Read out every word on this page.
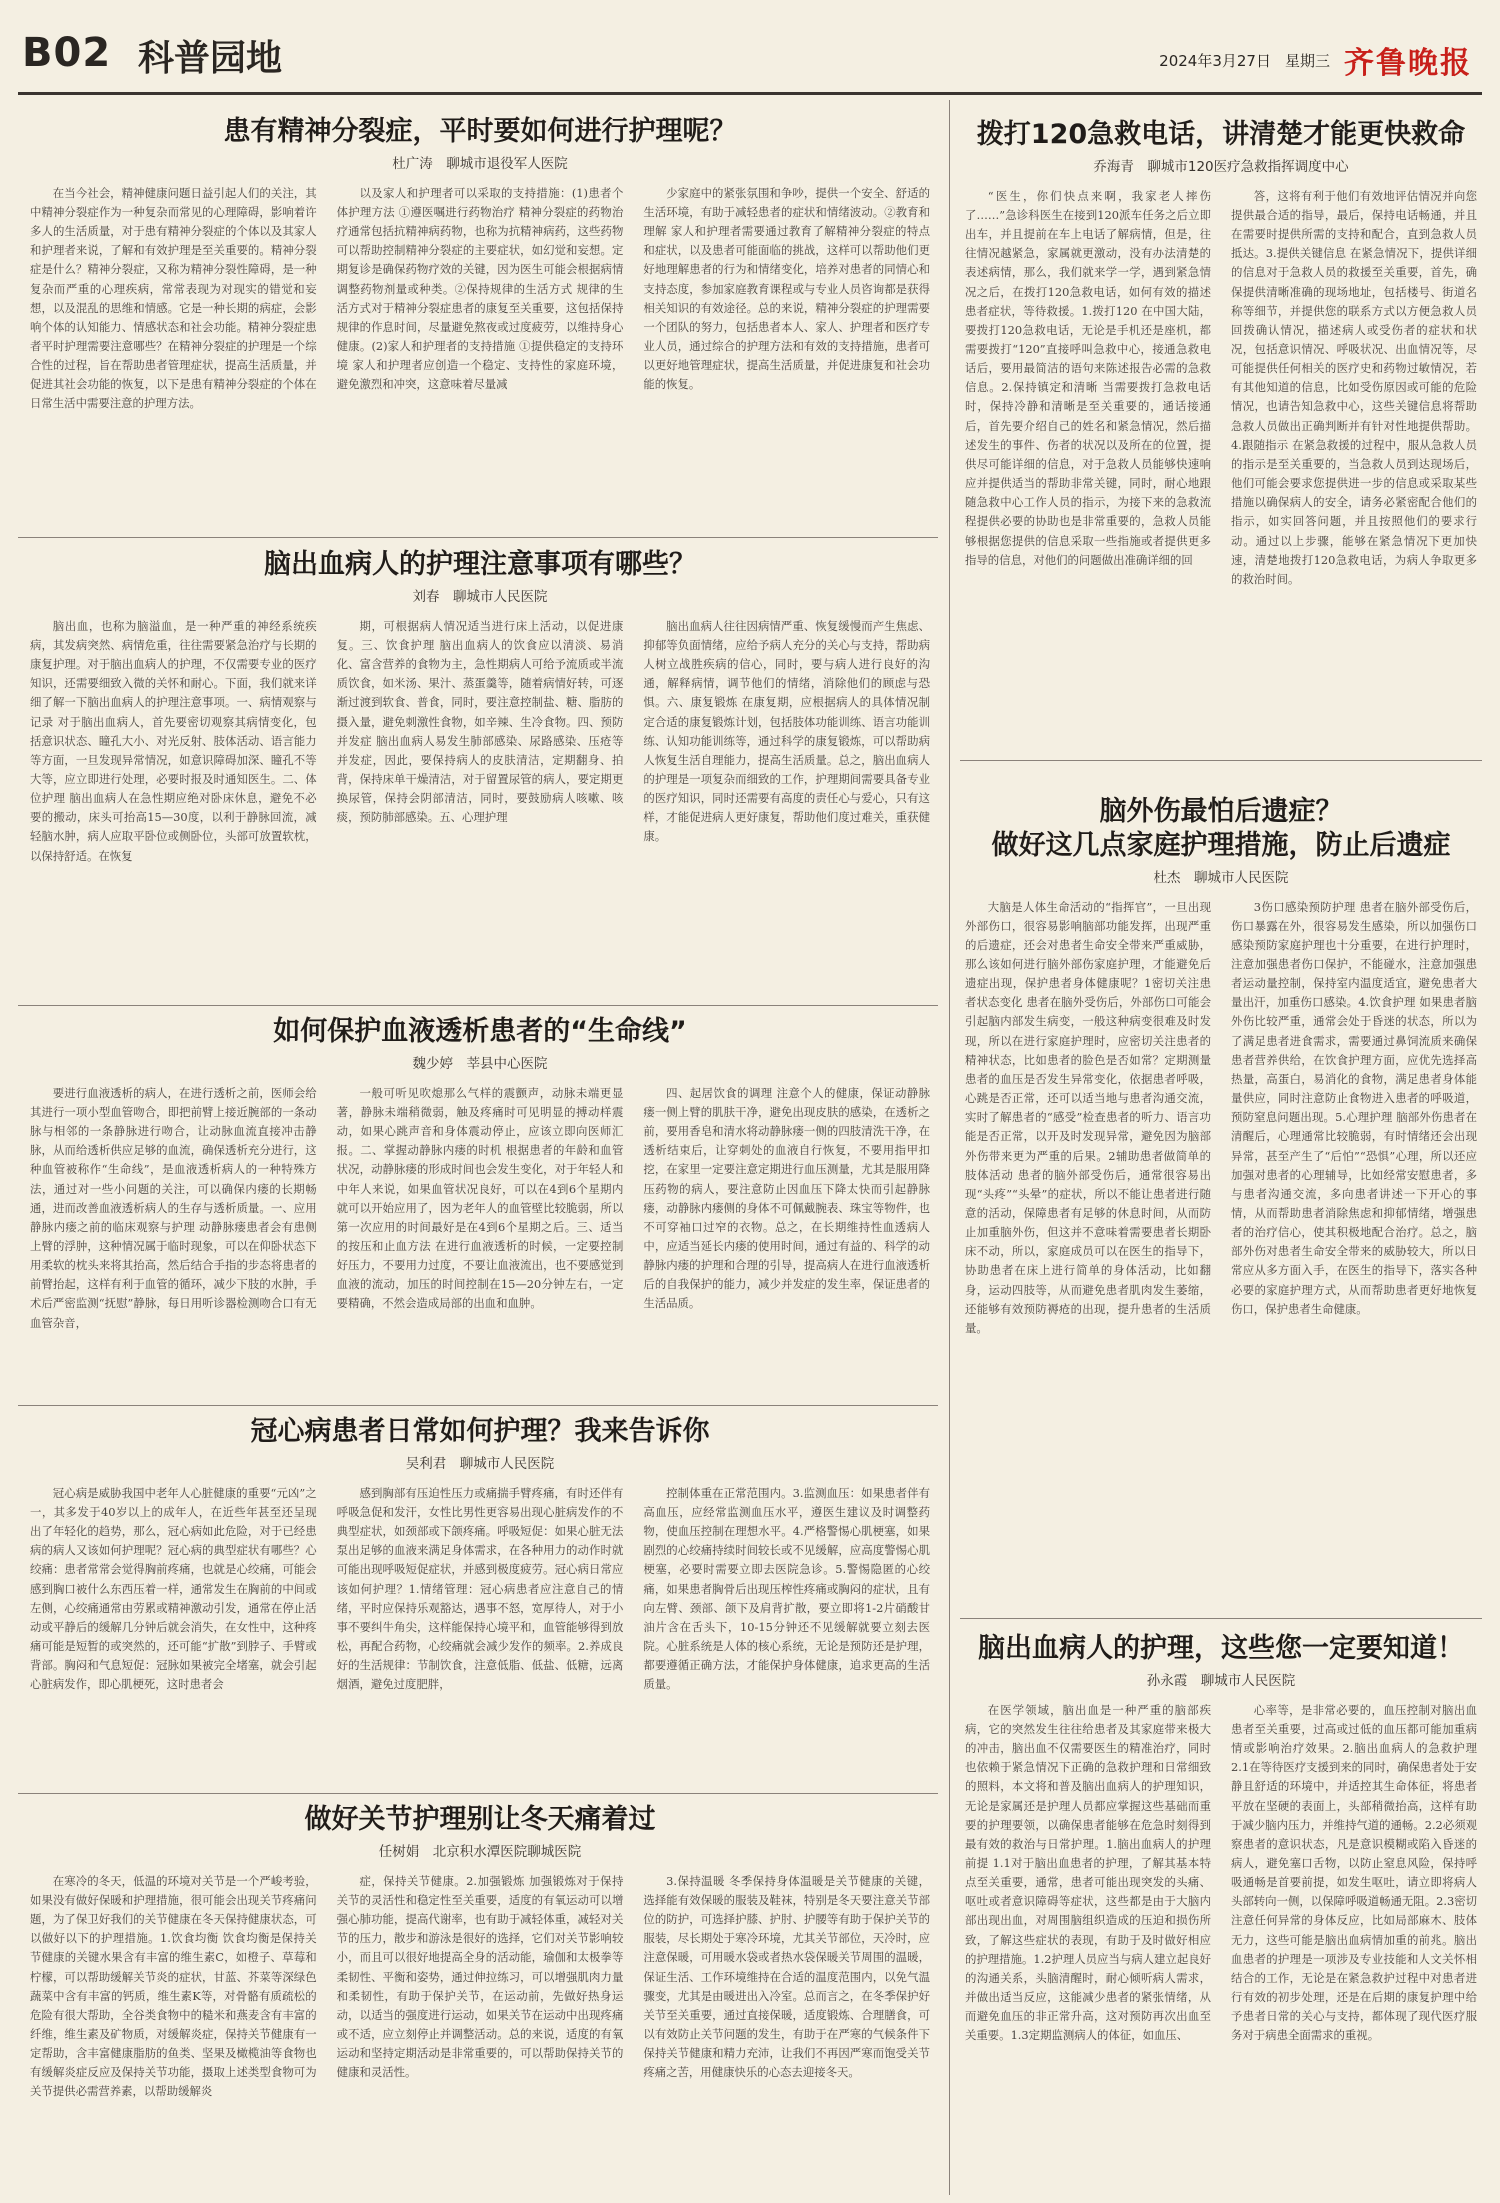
B02 科普园地	2024年3月27日 星期三 齐鲁晚报
患有精神分裂症，平时要如何进行护理呢？
杜广涛　聊城市退役军人医院

在当今社会，精神健康问题日益引起人们的关注，其中精神分裂症作为一种复杂而常见的心理障碍，影响着许多人的生活质量，对于患有精神分裂症的个体以及其家人和护理者来说，了解和有效护理是至关重要的。精神分裂症是什么？精神分裂症，又称为精神分裂性障碍，是一种复杂而严重的心理疾病，常常表现为对现实的错觉和妄想，以及混乱的思维和情感。它是一种长期的病症，会影响个体的认知能力、情感状态和社会功能。精神分裂症患者平时护理需要注意哪些？在精神分裂症的护理是一个综合性的过程，旨在帮助患者管理症状，提高生活质量，并促进其社会功能的恢复，以下是患有精神分裂症的个体在日常生活中需要注意的护理方法。

以及家人和护理者可以采取的支持措施：(1)患者个体护理方法 ①遵医嘱进行药物治疗 精神分裂症的药物治疗通常包括抗精神病药物，也称为抗精神病药，这些药物可以帮助控制精神分裂症的主要症状，如幻觉和妄想。定期复诊是确保药物疗效的关键，因为医生可能会根据病情调整药物剂量或种类。②保持规律的生活方式 规律的生活方式对于精神分裂症患者的康复至关重要，这包括保持规律的作息时间，尽量避免熬夜或过度疲劳，以维持身心健康。(2)家人和护理者的支持措施 ①提供稳定的支持环境 家人和护理者应创造一个稳定、支持性的家庭环境，避免激烈和冲突，这意味着尽量减

少家庭中的紧张氛围和争吵，提供一个安全、舒适的生活环境，有助于减轻患者的症状和情绪波动。②教育和理解 家人和护理者需要通过教育了解精神分裂症的特点和症状，以及患者可能面临的挑战，这样可以帮助他们更好地理解患者的行为和情绪变化，培养对患者的同情心和支持态度，参加家庭教育课程或与专业人员咨询都是获得相关知识的有效途径。总的来说，精神分裂症的护理需要一个团队的努力，包括患者本人、家人、护理者和医疗专业人员，通过综合的护理方法和有效的支持措施，患者可以更好地管理症状，提高生活质量，并促进康复和社会功能的恢复。

脑出血病人的护理注意事项有哪些？
刘春　聊城市人民医院

脑出血，也称为脑溢血，是一种严重的神经系统疾病，其发病突然、病情危重，往往需要紧急治疗与长期的康复护理。对于脑出血病人的护理，不仅需要专业的医疗知识，还需要细致入微的关怀和耐心。下面，我们就来详细了解一下脑出血病人的护理注意事项。一、病情观察与记录 对于脑出血病人，首先要密切观察其病情变化，包括意识状态、瞳孔大小、对光反射、肢体活动、语言能力等方面，一旦发现异常情况，如意识障碍加深、瞳孔不等大等，应立即进行处理，必要时报及时通知医生。二、体位护理 脑出血病人在急性期应绝对卧床休息，避免不必要的搬动，床头可抬高15—30度，以利于静脉回流，减轻脑水肿，病人应取平卧位或侧卧位，头部可放置软枕，以保持舒适。在恢复

期，可根据病人情况适当进行床上活动，以促进康复。三、饮食护理 脑出血病人的饮食应以清淡、易消化、富含营养的食物为主，急性期病人可给予流质或半流质饮食，如米汤、果汁、蒸蛋羹等，随着病情好转，可逐渐过渡到软食、普食，同时，要注意控制盐、糖、脂肪的摄入量，避免刺激性食物，如辛辣、生冷食物。四、预防并发症 脑出血病人易发生肺部感染、尿路感染、压疮等并发症，因此，要保持病人的皮肤清洁，定期翻身、拍背，保持床单干燥清洁，对于留置尿管的病人，要定期更换尿管，保持会阴部清洁，同时，要鼓励病人咳嗽、咳痰，预防肺部感染。五、心理护理

脑出血病人往往因病情严重、恢复缓慢而产生焦虑、抑郁等负面情绪，应给予病人充分的关心与支持，帮助病人树立战胜疾病的信心，同时，要与病人进行良好的沟通，解释病情，调节他们的情绪，消除他们的顾虑与恐惧。六、康复锻炼 在康复期，应根据病人的具体情况制定合适的康复锻炼计划，包括肢体功能训练、语言功能训练、认知功能训练等，通过科学的康复锻炼，可以帮助病人恢复生活自理能力，提高生活质量。总之，脑出血病人的护理是一项复杂而细致的工作，护理期间需要具备专业的医疗知识，同时还需要有高度的责任心与爱心，只有这样，才能促进病人更好康复，帮助他们度过难关，重获健康。

如何保护血液透析患者的“生命线”
魏少婷　莘县中心医院

要进行血液透析的病人，在进行透析之前，医师会给其进行一项小型血管吻合，即把前臂上接近腕部的一条动脉与相邻的一条静脉进行吻合，让动脉血流直接冲击静脉，从而给透析供应足够的血流，确保透析充分进行，这种血管被称作“生命线”，是血液透析病人的一种特殊方法，通过对一些小问题的关注，可以确保内瘘的长期畅通，进而改善血液透析病人的生存与透析质量。一、应用静脉内瘘之前的临床观察与护理 动静脉瘘患者会有患侧上臂的浮肿，这种情况属于临时现象，可以在仰卧状态下用柔软的枕头来将其抬高，然后结合手指的步态将患者的前臂抬起，这样有利于血管的循环，减少下肢的水肿，手术后严密监测“抚慰”静脉，每日用听诊器检测吻合口有无血管杂音，

一般可听见吹熄那么气样的震颤声，动脉未端更显著，静脉未端稍微弱，触及疼痛时可见明显的搏动样震动，如果心跳声音和身体震动停止，应该立即向医师汇报。二、掌握动静脉内瘘的时机 根据患者的年龄和血管状况，动静脉瘘的形成时间也会发生变化，对于年轻人和中年人来说，如果血管状况良好，可以在4到6个星期内就可以开始应用了，因为老年人的血管壁比较脆弱，所以第一次应用的时间最好是在4到6个星期之后。三、适当的按压和止血方法 在进行血液透析的时候，一定要控制好压力，不要用力过度，不要让血液流出，也不要感觉到血液的流动，加压的时间控制在15—20分钟左右，一定要精确，不然会造成局部的出血和血肿。

四、起居饮食的调理 注意个人的健康，保证动静脉瘘一侧上臂的肌肤干净，避免出现皮肤的感染，在透析之前，要用香皂和清水将动静脉瘘一侧的四肢清洗干净，在透析结束后，让穿刺处的血液自行恢复，不要用指甲扣挖，在家里一定要注意定期进行血压测量，尤其是服用降压药物的病人，要注意防止因血压下降太快而引起静脉瘘，动静脉内瘘侧的身体不可佩戴腕表、珠宝等物件，也不可穿袖口过窄的衣物。总之，在长期维持性血透病人中，应适当延长内瘘的使用时间，通过有益的、科学的动静脉内瘘的护理和合理的引导，提高病人在进行血液透析后的自我保护的能力，减少并发症的发生率，保证患者的生活品质。

冠心病患者日常如何护理？我来告诉你
吴利君　聊城市人民医院

冠心病是威胁我国中老年人心脏健康的重要“元凶”之一，其多发于40岁以上的成年人，在近些年甚至还呈现出了年轻化的趋势，那么，冠心病如此危险，对于已经患病的病人又该如何护理呢？冠心病的典型症状有哪些？心绞痛：患者常常会觉得胸前疼痛，也就是心绞痛，可能会感到胸口被什么东西压着一样，通常发生在胸前的中间或左侧，心绞痛通常由劳累或精神激动引发，通常在停止活动或平静后的缓解几分钟后就会消失，在女性中，这种疼痛可能是短暂的或突然的，还可能“扩散”到脖子、手臂或背部。胸闷和气息短促：冠脉如果被完全堵塞，就会引起心脏病发作，即心肌梗死，这时患者会

感到胸部有压迫性压力或痛揣手臂疼痛，有时还伴有呼吸急促和发汗，女性比男性更容易出现心脏病发作的不典型症状，如颈部或下颌疼痛。呼吸短促：如果心脏无法泵出足够的血液来满足身体需求，在各种用力的动作时就可能出现呼吸短促症状，并感到极度疲劳。冠心病日常应该如何护理？1.情绪管理：冠心病患者应注意自己的情绪，平时应保持乐观豁达，遇事不怒，宽厚待人，对于小事不要纠牛角尖，这样能保持心境平和，血管能够得到放松，再配合药物，心绞痛就会减少发作的频率。2.养成良好的生活规律：节制饮食，注意低脂、低盐、低糖，远离烟酒，避免过度肥胖，

控制体重在正常范围内。3.监测血压：如果患者伴有高血压，应经常监测血压水平，遵医生建议及时调整药物，使血压控制在理想水平。4.严格警惕心肌梗塞，如果剧烈的心绞痛持续时间较长或不见缓解，应高度警惕心肌梗塞，必要时需要立即去医院急诊。5.警惕隐匿的心绞痛，如果患者胸骨后出现压榨性疼痛或胸闷的症状，且有向左臂、颈部、颌下及肩背扩散，要立即将1-2片硝酸甘油片含在舌头下，10-15分钟还不见缓解就要立刻去医院。心脏系统是人体的核心系统，无论是预防还是护理，都要遵循正确方法，才能保护身体健康，追求更高的生活质量。

做好关节护理别让冬天痛着过
任树娟　北京积水潭医院聊城医院

在寒冷的冬天，低温的环境对关节是一个严峻考验，如果没有做好保暖和护理措施，很可能会出现关节疼痛问题，为了保卫好我们的关节健康在冬天保持健康状态，可以做好以下的护理措施。1.饮食均衡 饮食均衡是保持关节健康的关键水果含有丰富的维生素C，如橙子、草莓和柠檬，可以帮助缓解关节炎的症状，甘蓝、芥菜等深绿色蔬菜中含有丰富的钙质，维生素K等，对骨骼有质疏松的危险有很大帮助，全谷类食物中的糙米和燕麦含有丰富的纤维，维生素及矿物质，对缓解炎症，保持关节健康有一定帮助，含丰富健康脂肪的鱼类、坚果及橄榄油等食物也有缓解炎症反应及保持关节功能，摄取上述类型食物可为关节提供必需营养素，以帮助缓解炎

症，保持关节健康。2.加强锻炼 加强锻炼对于保持关节的灵活性和稳定性至关重要，适度的有氧运动可以增强心肺功能，提高代谢率，也有助于减轻体重，减轻对关节的压力，散步和游泳是很好的选择，它们对关节影响较小，而且可以很好地提高全身的活动能，瑜伽和太极拳等柔韧性、平衡和姿势，通过伸拉练习，可以增强肌肉力量和柔韧性，有助于保护关节，在运动前，先做好热身运动，以适当的强度进行运动，如果关节在运动中出现疼痛或不适，应立刻停止并调整活动。总的来说，适度的有氧运动和坚持定期活动是非常重要的，可以帮助保持关节的健康和灵活性。

3.保持温暖 冬季保持身体温暖是关节健康的关键，选择能有效保暖的服装及鞋袜，特别是冬天要注意关节部位的防护，可选择护膝、护肘、护腰等有助于保护关节的服装，尽长期处于寒冷环境，尤其关节部位，天冷时，应注意保暖，可用暖水袋或者热水袋保暖关节周围的温暖，保证生活、工作环境维持在合适的温度范围内，以免气温骤变，尤其是由暖进出入冷室。总而言之，在冬季保护好关节至关重要，通过直接保暖，适度锻炼、合理膳食，可以有效防止关节问题的发生，有助于在严寒的气候条件下保持关节健康和精力充沛，让我们不再因严寒而饱受关节疼痛之苦，用健康快乐的心态去迎接冬天。

拨打120急救电话，讲清楚才能更快救命
乔海青　聊城市120医疗急救指挥调度中心

“医生，你们快点来啊，我家老人摔伤了……”急诊科医生在接到120派车任务之后立即出车，并且提前在车上电话了解病情，但是，往往情况越紧急，家属就更激动，没有办法清楚的表述病情，那么，我们就来学一学，遇到紧急情况之后，在拨打120急救电话，如何有效的描述患者症状，等待救援。1.拨打120 在中国大陆，要拨打120急救电话，无论是手机还是座机，都需要拨打“120”直接呼叫急救中心，接通急救电话后，要用最简洁的语句来陈述报告必需的急救信息。2.保持镇定和清晰 当需要拨打急救电话时，保持冷静和清晰是至关重要的，通话接通后，首先要介绍自己的姓名和紧急情况，然后描述发生的事件、伤者的状况以及所在的位置，提供尽可能详细的信息，对于急救人员能够快速响应并提供适当的帮助非常关键，同时，耐心地跟随急救中心工作人员的指示，为接下来的急救流程提供必要的协助也是非常重要的，急救人员能够根据您提供的信息采取一些指施或者提供更多指导的信息，对他们的问题做出准确详细的回

答，这将有利于他们有效地评估情况并向您提供最合适的指导，最后，保持电话畅通，并且在需要时提供所需的支持和配合，直到急救人员抵达。3.提供关键信息 在紧急情况下，提供详细的信息对于急救人员的救援至关重要，首先，确保提供清晰准确的现场地址，包括楼号、街道名称等细节，并提供您的联系方式以方便急救人员回拨确认情况，描述病人或受伤者的症状和状况，包括意识情况、呼吸状况、出血情况等，尽可能提供任何相关的医疗史和药物过敏情况，若有其他知道的信息，比如受伤原因或可能的危险情况，也请告知急救中心，这些关键信息将帮助急救人员做出正确判断并有针对性地提供帮助。4.跟随指示 在紧急救援的过程中，服从急救人员的指示是至关重要的，当急救人员到达现场后，他们可能会要求您提供进一步的信息或采取某些措施以确保病人的安全，请务必紧密配合他们的指示，如实回答问题，并且按照他们的要求行动。通过以上步骤，能够在紧急情况下更加快速，清楚地拨打120急救电话，为病人争取更多的救治时间。

脑外伤最怕后遗症？
做好这几点家庭护理措施，防止后遗症
杜杰　聊城市人民医院

大脑是人体生命活动的“指挥官”，一旦出现外部伤口，很容易影响脑部功能发挥，出现严重的后遗症，还会对患者生命安全带来严重威胁，那么该如何进行脑外部伤家庭护理，才能避免后遗症出现，保护患者身体健康呢？1密切关注患者状态变化 患者在脑外受伤后，外部伤口可能会引起脑内部发生病变，一般这种病变很难及时发现，所以在进行家庭护理时，应密切关注患者的精神状态，比如患者的脸色是否如常？定期测量患者的血压是否发生异常变化，依据患者呼吸，心跳是否正常，还可以适当地与患者沟通交流，实时了解患者的“感受”检查患者的听力、语言功能是否正常，以开及时发现异常，避免因为脑部外伤带来更为严重的后果。2辅助患者做简单的肢体活动 患者的脑外部受伤后，通常很容易出现“头疼”“头晕”的症状，所以不能让患者进行随意的活动，保障患者有足够的休息时间，从而防止加重脑外伤，但这并不意味着需要患者长期卧床不动，所以，家庭成员可以在医生的指导下，协助患者在床上进行简单的身体活动，比如翻身，运动四肢等，从而避免患者肌肉发生萎缩，还能够有效预防褥疮的出现，提升患者的生活质量。

3伤口感染预防护理 患者在脑外部受伤后，伤口暴露在外，很容易发生感染，所以加强伤口感染预防家庭护理也十分重要，在进行护理时，注意加强患者伤口保护，不能碰水，注意加强患者运动量控制，保持室内温度适宜，避免患者大量出汗，加重伤口感染。4.饮食护理 如果患者脑外伤比较严重，通常会处于昏迷的状态，所以为了满足患者进食需求，需要通过鼻饲流质来确保患者营养供给，在饮食护理方面，应优先选择高热量，高蛋白，易消化的食物，满足患者身体能量供应，同时注意防止食物进入患者的呼吸道，预防窒息问题出现。5.心理护理 脑部外伤患者在清醒后，心理通常比较脆弱，有时情绪还会出现异常，甚至产生了“后怕”“恐惧”心理，所以还应加强对患者的心理辅导，比如经常安慰患者，多与患者沟通交流，多向患者讲述一下开心的事情，从而帮助患者消除焦虑和抑郁情绪，增强患者的治疗信心，使其积极地配合治疗。总之，脑部外伤对患者生命安全带来的威胁较大，所以日常应从多方面入手，在医生的指导下，落实各种必要的家庭护理方式，从而帮助患者更好地恢复伤口，保护患者生命健康。

脑出血病人的护理，这些您一定要知道！
孙永霞　聊城市人民医院

在医学领域，脑出血是一种严重的脑部疾病，它的突然发生往往给患者及其家庭带来极大的冲击，脑出血不仅需要医生的精准治疗，同时也依赖于紧急情况下正确的急救护理和日常细致的照料，本文将和普及脑出血病人的护理知识，无论是家属还是护理人员都应掌握这些基础而重要的护理要领，以确保患者能够在危急时刻得到最有效的救治与日常护理。1.脑出血病人的护理前提 1.1对于脑出血患者的护理，了解其基本特点至关重要，通常，患者可能出现突发的头痛、呕吐或者意识障碍等症状，这些都是由于大脑内部出现出血，对周围脑组织造成的压迫和损伤所致，了解这些症状的表现，有助于及时做好相应的护理措施。1.2护理人员应当与病人建立起良好的沟通关系，头脑清醒时，耐心倾听病人需求，并做出适当反应，这能减少患者的紧张情绪，从而避免血压的非正常升高，这对预防再次出血至关重要。1.3定期监测病人的体征，如血压、

心率等，是非常必要的，血压控制对脑出血患者至关重要，过高或过低的血压都可能加重病情或影响治疗效果。2.脑出血病人的急救护理 2.1在等待医疗支援到来的同时，确保患者处于安静且舒适的环境中，并适控其生命体征，将患者平放在坚硬的表面上，头部稍微抬高，这样有助于减少脑内压力，并维持气道的通畅。2.2必须观察患者的意识状态，凡是意识模糊或陷入昏迷的病人，避免塞口舌物，以防止窒息风险，保持呼吸通畅是首要前提，如发生呕吐，请立即将病人头部转向一侧，以保障呼吸道畅通无阻。2.3密切注意任何异常的身体反应，比如局部麻木、肢体无力，这些可能是脑出血病情加重的前兆。脑出血患者的护理是一项涉及专业技能和人文关怀相结合的工作，无论是在紧急救护过程中对患者进行有效的初步处理，还是在后期的康复护理中给予患者日常的关心与支持，都体现了现代医疗服务对于病患全面需求的重视。
